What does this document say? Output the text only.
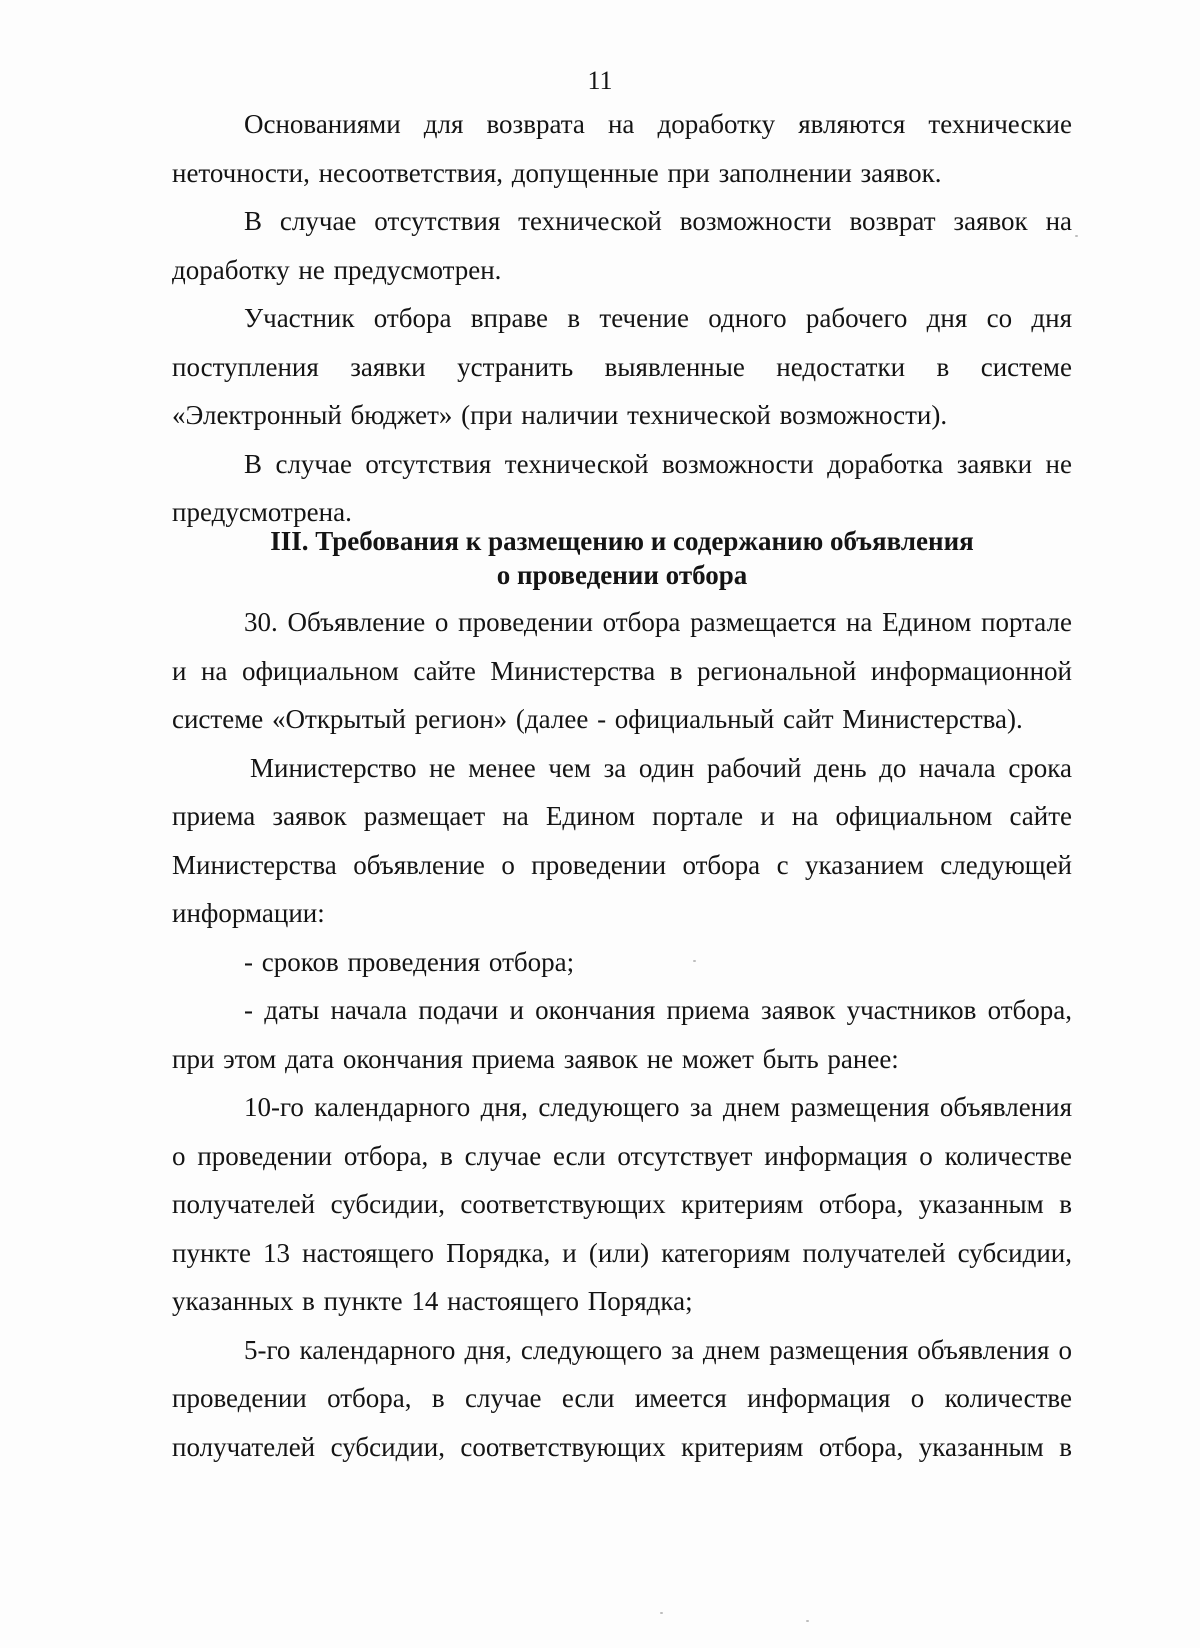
11

Основаниями для возврата на доработку являются технические неточности, несоответствия, допущенные при заполнении заявок.

В случае отсутствия технической возможности возврат заявок на доработку не предусмотрен.

Участник отбора вправе в течение одного рабочего дня со дня поступления заявки устранить выявленные недостатки в системе «Электронный бюджет» (при наличии технической возможности).

В случае отсутствия технической возможности доработка заявки не предусмотрена.

III. Требования к размещению и содержанию объявления
о проведении отбора

30. Объявление о проведении отбора размещается на Едином портале и на официальном сайте Министерства в региональной информационной системе «Открытый регион» (далее - официальный сайт Министерства).

Министерство не менее чем за один рабочий день до начала срока приема заявок размещает на Едином портале и на официальном сайте Министерства объявление о проведении отбора с указанием следующей информации:

- сроков проведения отбора;

- даты начала подачи и окончания приема заявок участников отбора, при этом дата окончания приема заявок не может быть ранее:

10-го календарного дня, следующего за днем размещения объявления о проведении отбора, в случае если отсутствует информация о количестве получателей субсидии, соответствующих критериям отбора, указанным в пункте 13 настоящего Порядка, и (или) категориям получателей субсидии, указанных в пункте 14 настоящего Порядка;

5-го календарного дня, следующего за днем размещения объявления о проведении отбора, в случае если имеется информация о количестве получателей субсидии, соответствующих критериям отбора, указанным в
